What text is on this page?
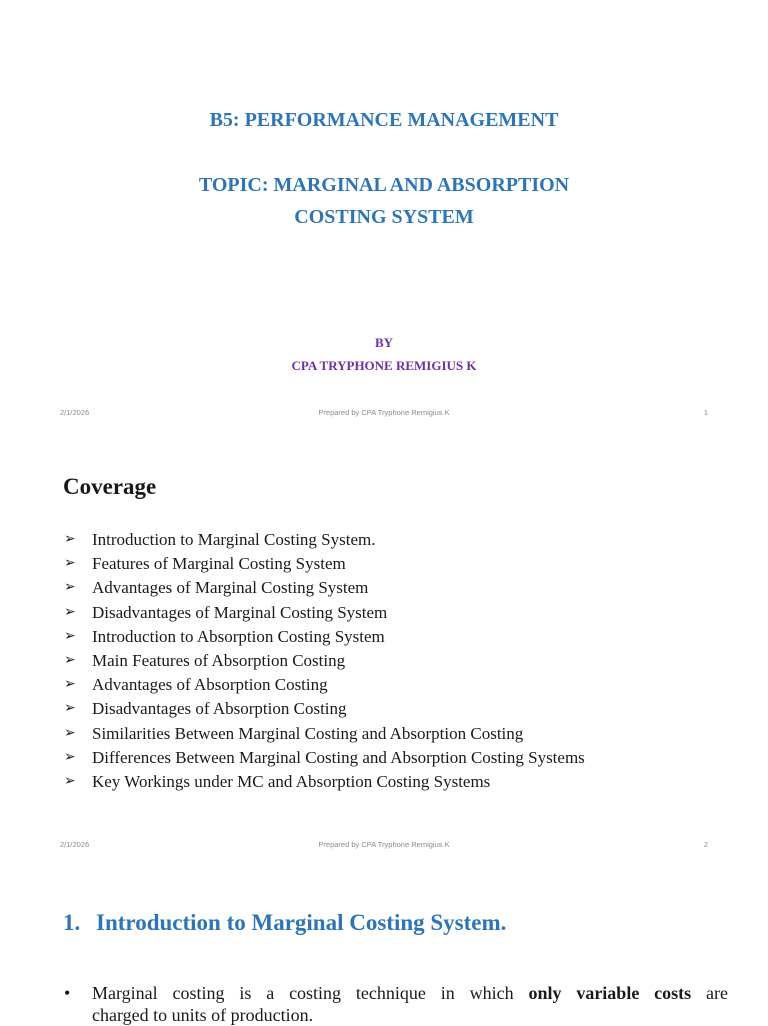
B5: PERFORMANCE MANAGEMENT
TOPIC: MARGINAL AND ABSORPTION
COSTING SYSTEM
BY
CPA TRYPHONE REMIGIUS K
2/1/2026	Prepared by CPA Tryphone Remigius K	1
Coverage
➢ Introduction to Marginal Costing System.
➢ Features of Marginal Costing System
➢ Advantages of Marginal Costing System
➢ Disadvantages of Marginal Costing System
➢ Introduction to Absorption Costing System
➢ Main Features of Absorption Costing
➢ Advantages of Absorption Costing
➢ Disadvantages of Absorption Costing
➢ Similarities Between Marginal Costing and Absorption Costing
➢ Differences Between Marginal Costing and Absorption Costing Systems
➢ Key Workings under MC and Absorption Costing Systems
2/1/2026	Prepared by CPA Tryphone Remigius K	2
1. Introduction to Marginal Costing System.
• Marginal costing is a costing technique in which only variable costs are
charged to units of production.
